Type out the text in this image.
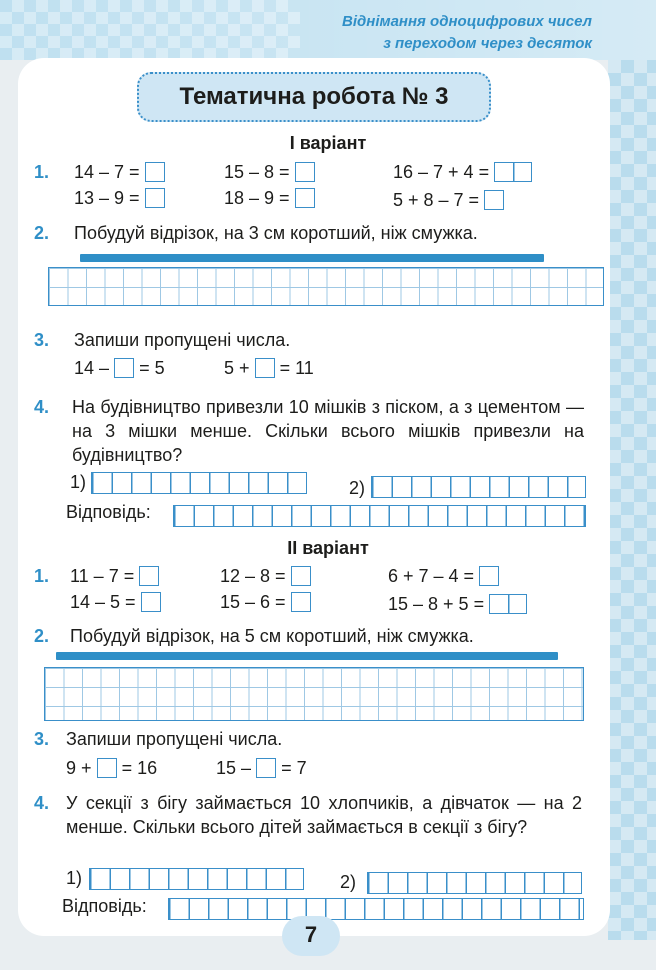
Віднімання одноцифрових чисел
з переходом через десяток
Тематична робота № 3
І варіант
1. 14 – 7 =	15 – 8 =	16 – 7 + 4 =
13 – 9 =	18 – 9 =	5 + 8 – 7 =
2. Побудуй відрізок, на 3 см коротший, ніж смужка.
3. Запиши пропущені числа.
14 – = 5	5 + = 11
4. На будівництво привезли 10 мішків з піском, а з цементом — на 3 мішки менше. Скільки всього мішків привезли на будівництво?
1)	2)
Відповідь:
ІІ варіант
1. 11 – 7 =	12 – 8 =	6 + 7 – 4 =
14 – 5 =	15 – 6 =	15 – 8 + 5 =
2. Побудуй відрізок, на 5 см коротший, ніж смужка.
3. Запиши пропущені числа.
9 + = 16	15 – = 7
4. У секції з бігу займається 10 хлопчиків, а дівчаток — на 2 менше. Скільки всього дітей займається в секції з бігу?
1)	2)
Відповідь:
7
